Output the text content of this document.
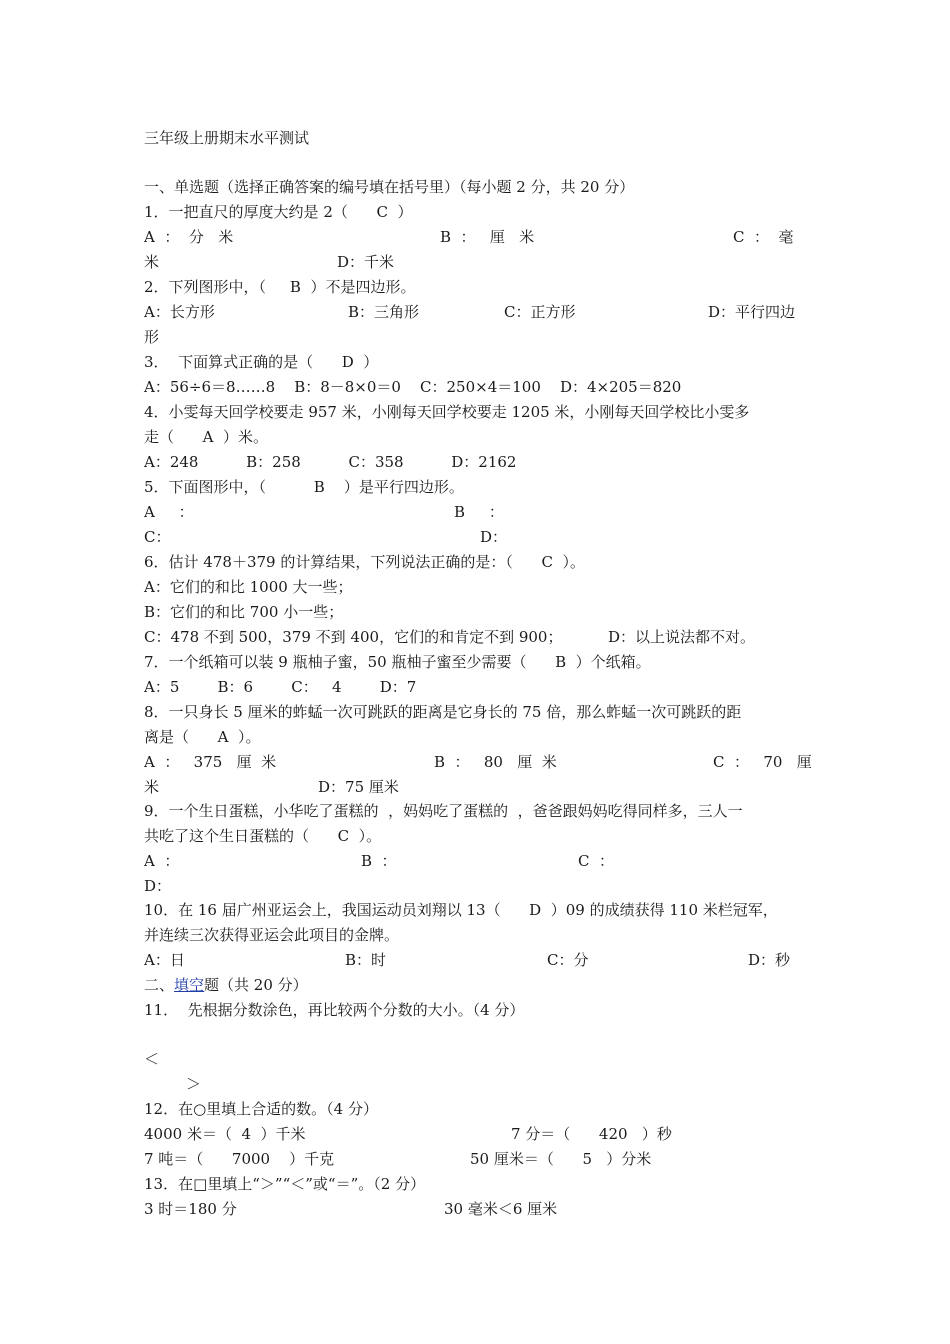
三年级上册期末水平测试
一、单选题（选择正确答案的编号填在括号里）（每小题 2 分，共 20 分）
1．一把直尺的厚度大约是 2（      C  ）
A  ：  分   米	B  ：   厘   米	C  ：  毫
米	D：千米
2．下列图形中，（     B  ）不是四边形。
A：长方形	B：三角形	C：正方形	D：平行四边
形
3．  下面算式正确的是（      D  ）
A：56÷6＝8……8    B：8－8×0＝0    C：250×4＝100    D：4×205＝820
4．小雯每天回学校要走 957 米，小刚每天回学校要走 1205 米，小刚每天回学校比小雯多
走（      A  ）米。
A：248          B：258          C：358          D：2162
5．下面图形中，（          B    ）是平行四边形。
A     ：	B     ：
C：	D：
6．估计 478＋379 的计算结果，下列说法正确的是：（      C  ）。
A：它们的和比 1000 大一些；
B：它们的和比 700 小一些；
C：478 不到 500，379 不到 400，它们的和肯定不到 900；	D：以上说法都不对。
7．一个纸箱可以装 9 瓶柚子蜜，50 瓶柚子蜜至少需要（      B  ）个纸箱。
A：5        B：6        C：   4        D：7
8．一只身长 5 厘米的蚱蜢一次可跳跃的距离是它身长的 75 倍，那么蚱蜢一次可跳跃的距
离是（      A  ）。
A  ：   375   厘  米	B  ：   80   厘  米	C  ：   70   厘
米	D：75 厘米
9．一个生日蛋糕，小华吃了蛋糕的  ，妈妈吃了蛋糕的  ，爸爸跟妈妈吃得同样多，三人一
共吃了这个生日蛋糕的（      C  ）。
A  ：	B  ：	C  ：
D：
10．在 16 届广州亚运会上，我国运动员刘翔以 13（      D  ）09 的成绩获得 110 米栏冠军，
并连续三次获得亚运会此项目的金牌。
A：日	B：时	C：分	D：秒
二、填空题（共 20 分）
11．  先根据分数涂色，再比较两个分数的大小。（4 分）
＜
＞
12．在○里填上合适的数。（4 分）
4000 米＝（  4  ）千米	7 分＝（      420   ）秒
7 吨＝（      7000    ）千克	50 厘米＝（      5   ）分米
13．在□里填上“＞”“＜”或“＝”。（2 分）
3 时＝180 分	30 毫米＜6 厘米
